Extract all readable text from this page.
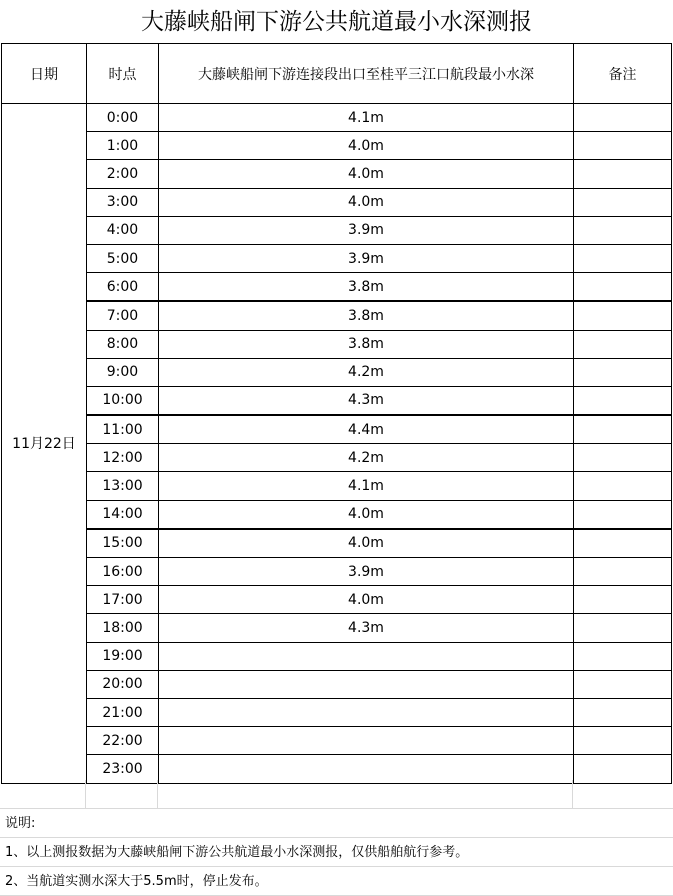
大藤峡船闸下游公共航道最小水深测报
日期	时点	大藤峡船闸下游连接段出口至桂平三江口航段最小水深	备注
11月22日	0:00	4.1m	
	1:00	4.0m	
	2:00	4.0m	
	3:00	4.0m	
	4:00	3.9m	
	5:00	3.9m	
	6:00	3.8m	
	7:00	3.8m	
	8:00	3.8m	
	9:00	4.2m	
	10:00	4.3m	
	11:00	4.4m	
	12:00	4.2m	
	13:00	4.1m	
	14:00	4.0m	
	15:00	4.0m	
	16:00	3.9m	
	17:00	4.0m	
	18:00	4.3m	
	19:00		
	20:00		
	21:00		
	22:00		
	23:00		
说明:
1、以上测报数据为大藤峡船闸下游公共航道最小水深测报，仅供船舶航行参考。
2、当航道实测水深大于5.5m时，停止发布。
